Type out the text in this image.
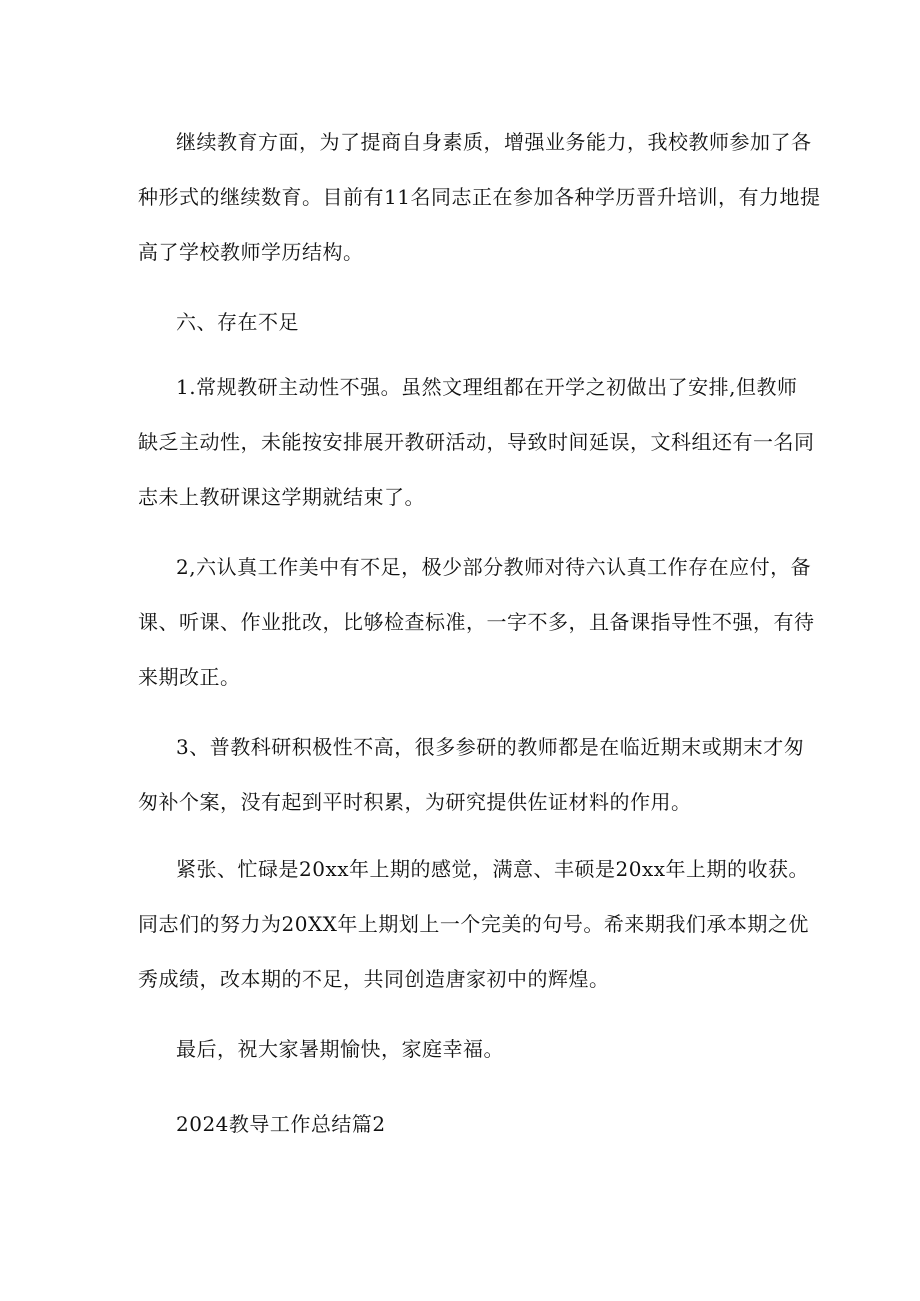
继续教育方面，为了提商自身素质，增强业务能力，我校教师参加了各
种形式的继续数育。目前有11名同志正在参加各种学历晋升培训，有力地提
高了学校教师学历结构。
六、存在不足
1.常规教研主动性不强。虽然文理组都在开学之初做出了安排,但教师
缺乏主动性，未能按安排展开教研活动，导致时间延误，文科组还有一名同
志未上教研课这学期就结束了。
2,六认真工作美中有不足，极少部分教师对待六认真工作存在应付，备
课、听课、作业批改，比够检查标准，一字不多，且备课指导性不强，有待
来期改正。
3、普教科研积极性不高，很多参研的教师都是在临近期末或期末才匆
匆补个案，没有起到平时积累，为研究提供佐证材料的作用。
紧张、忙碌是20xx年上期的感觉，满意、丰硕是20xx年上期的收获。
同志们的努力为20XX年上期划上一个完美的句号。希来期我们承本期之优
秀成绩，改本期的不足，共同创造唐家初中的辉煌。
最后，祝大家暑期愉快，家庭幸福。
2024教导工作总结篇2
